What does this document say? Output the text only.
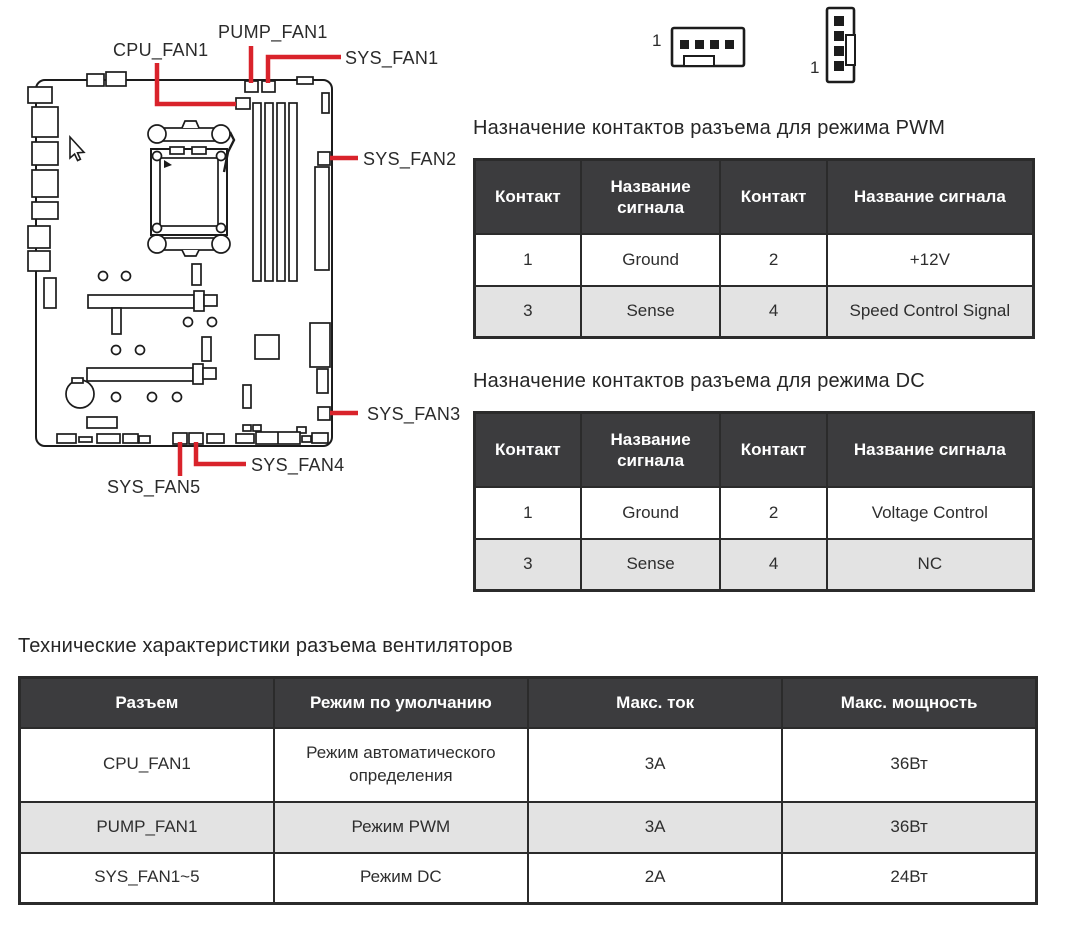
CPU_FAN1
PUMP_FAN1
SYS_FAN1
SYS_FAN2
SYS_FAN3
SYS_FAN4
SYS_FAN5
1
1
Назначение контактов разъема для режима PWM
Контакт	Название сигнала	Контакт	Название сигнала
1	Ground	2	+12V
3	Sense	4	Speed Control Signal
Назначение контактов разъема для режима DC
Контакт	Название сигнала	Контакт	Название сигнала
1	Ground	2	Voltage Control
3	Sense	4	NC
Технические характеристики разъема вентиляторов
Разъем	Режим по умолчанию	Макс. ток	Макс. мощность
CPU_FAN1	Режим автоматического определения	3A	36Вт
PUMP_FAN1	Режим PWM	3A	36Вт
SYS_FAN1~5	Режим DC	2A	24Вт
